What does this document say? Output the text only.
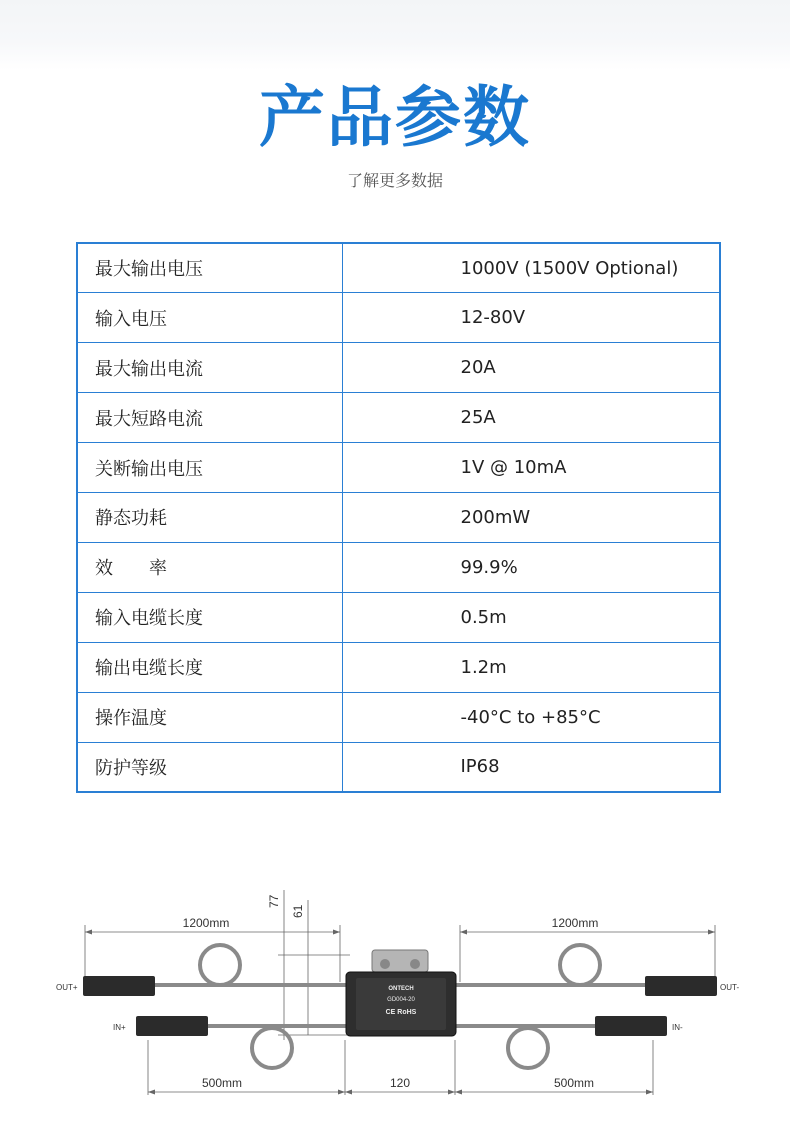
产品参数
了解更多数据
最大输出电压	1000V (1500V Optional)
输入电压	12-80V
最大输出电流	20A
最大短路电流	25A
关断输出电压	1V @ 10mA
静态功耗	200mW
效　　率	99.9%
输入电缆长度	0.5m
输出电缆长度	1.2m
操作温度	-40°C to +85°C
防护等级	IP68
ONTECH
GD004-20
CE RoHS
1200mm	1200mm
500mm	120	500mm
77
61
OUT+	OUT-
IN+	IN-
